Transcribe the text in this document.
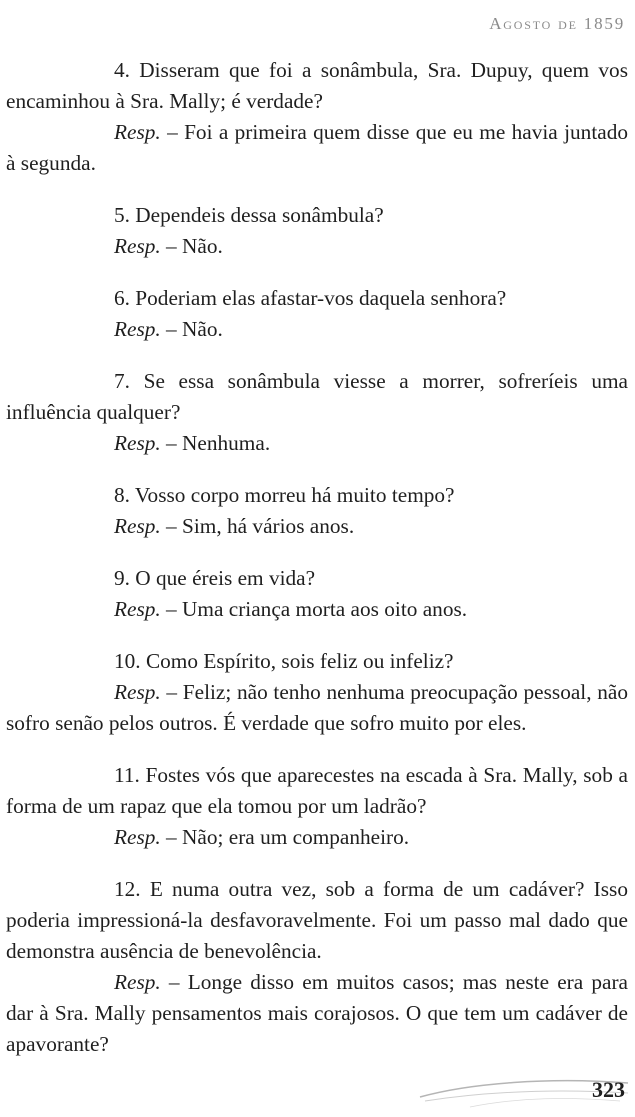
Agosto de 1859

4. Disseram que foi a sonâmbula, Sra. Dupuy, quem vos encaminhou à Sra. Mally; é verdade?

Resp. – Foi a primeira quem disse que eu me havia juntado à segunda.

5. Dependeis dessa sonâmbula?

Resp. – Não.

6. Poderiam elas afastar-vos daquela senhora?

Resp. – Não.

7. Se essa sonâmbula viesse a morrer, sofreríeis uma influência qualquer?

Resp. – Nenhuma.

8. Vosso corpo morreu há muito tempo?

Resp. – Sim, há vários anos.

9. O que éreis em vida?

Resp. – Uma criança morta aos oito anos.

10. Como Espírito, sois feliz ou infeliz?

Resp. – Feliz; não tenho nenhuma preocupação pessoal, não sofro senão pelos outros. É verdade que sofro muito por eles.

11. Fostes vós que aparecestes na escada à Sra. Mally, sob a forma de um rapaz que ela tomou por um ladrão?

Resp. – Não; era um companheiro.

12. E numa outra vez, sob a forma de um cadáver? Isso poderia impressioná-la desfavoravelmente. Foi um passo mal dado que demonstra ausência de benevolência.

Resp. – Longe disso em muitos casos; mas neste era para dar à Sra. Mally pensamentos mais corajosos. O que tem um cadáver de apavorante?

323
